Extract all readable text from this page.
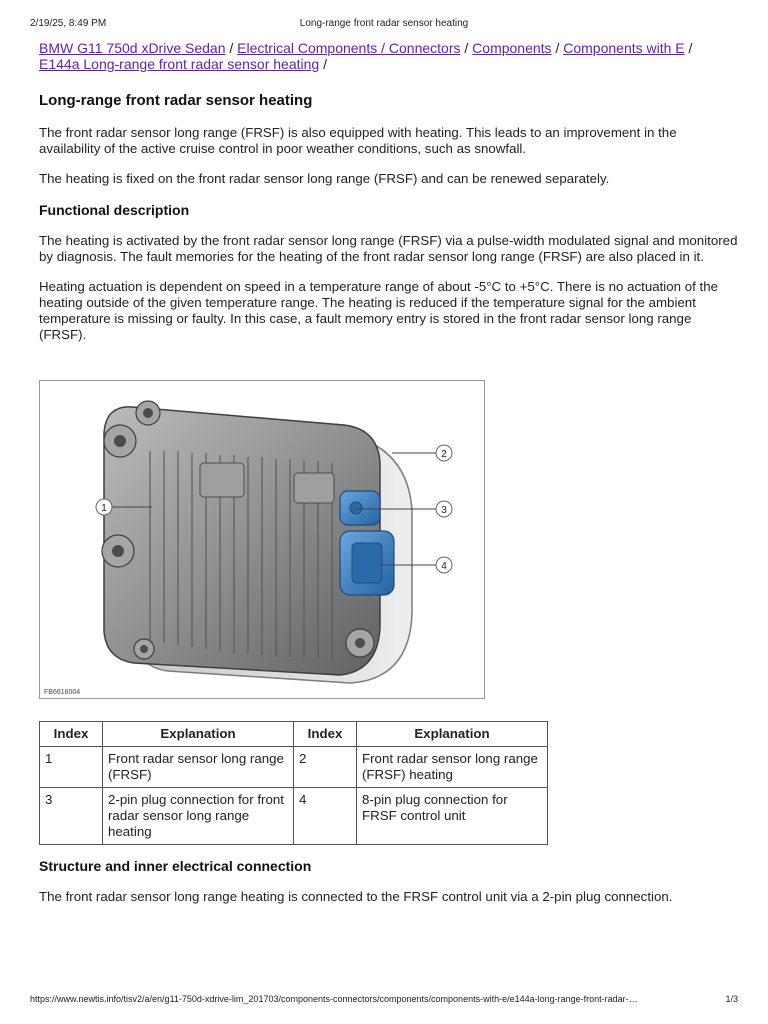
2/19/25, 8:49 PM	Long-range front radar sensor heating
BMW G11 750d xDrive Sedan / Electrical Components / Connectors / Components / Components with E /
E144a Long-range front radar sensor heating /
Long-range front radar sensor heating

The front radar sensor long range (FRSF) is also equipped with heating. This leads to an improvement in the availability of the active cruise control in poor weather conditions, such as snowfall.

The heating is fixed on the front radar sensor long range (FRSF) and can be renewed separately.

Functional description

The heating is activated by the front radar sensor long range (FRSF) via a pulse-width modulated signal and monitored by diagnosis. The fault memories for the heating of the front radar sensor long range (FRSF) are also placed in it.

Heating actuation is dependent on speed in a temperature range of about -5°C to +5°C. There is no actuation of the heating outside of the given temperature range. The heating is reduced if the temperature signal for the ambient temperature is missing or faulty. In this case, a fault memory entry is stored in the front radar sensor long range (FRSF).

1
2
3
4
FB6616004
Index	Explanation	Index	Explanation
1	Front radar sensor long range (FRSF)	2	Front radar sensor long range (FRSF) heating
3	2-pin plug connection for front radar sensor long range heating	4	8-pin plug connection for FRSF control unit
Structure and inner electrical connection

The front radar sensor long range heating is connected to the FRSF control unit via a 2-pin plug connection.

https://www.newtis.info/tisv2/a/en/g11-750d-xdrive-lim_201703/components-connectors/components/components-with-e/e144a-long-range-front-radar-…	1/3
